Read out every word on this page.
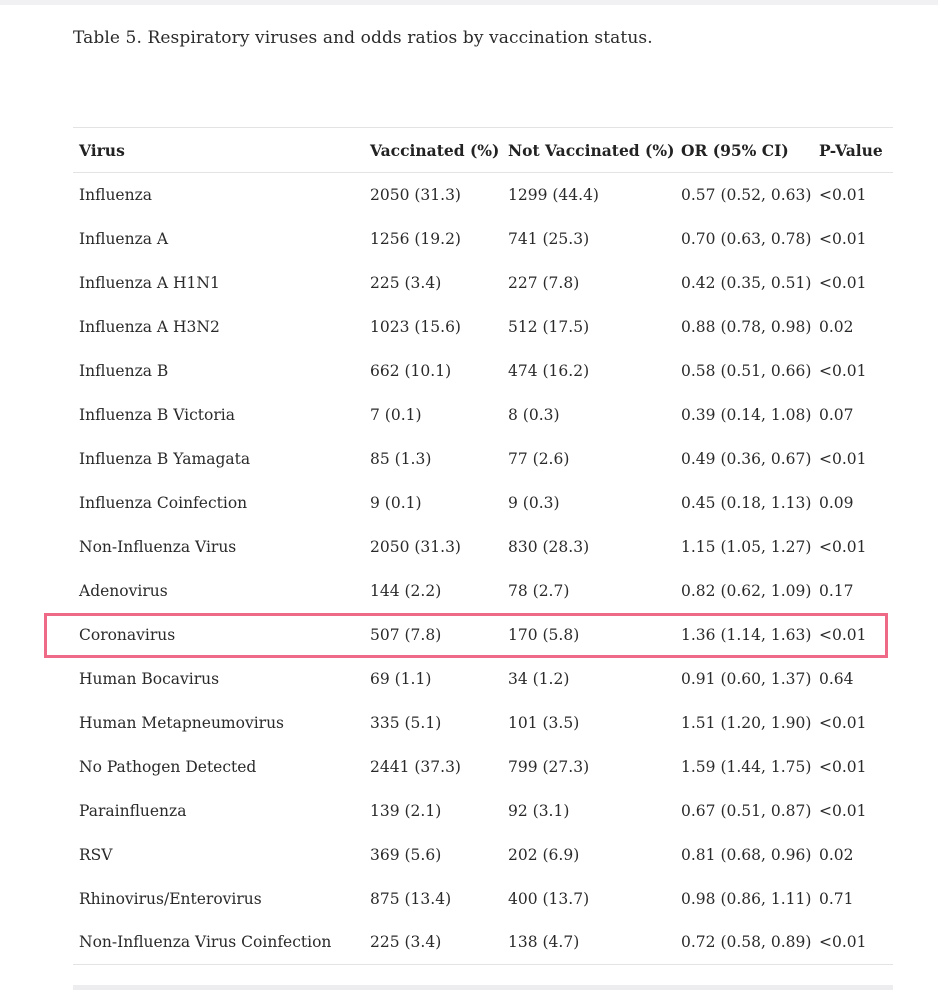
Table 5. Respiratory viruses and odds ratios by vaccination status.
Virus	Vaccinated (%)	Not Vaccinated (%)	OR (95% CI)	P-Value
Influenza	2050 (31.3)	1299 (44.4)	0.57 (0.52, 0.63)	<0.01
Influenza A	1256 (19.2)	741 (25.3)	0.70 (0.63, 0.78)	<0.01
Influenza A H1N1	225 (3.4)	227 (7.8)	0.42 (0.35, 0.51)	<0.01
Influenza A H3N2	1023 (15.6)	512 (17.5)	0.88 (0.78, 0.98)	0.02
Influenza B	662 (10.1)	474 (16.2)	0.58 (0.51, 0.66)	<0.01
Influenza B Victoria	7 (0.1)	8 (0.3)	0.39 (0.14, 1.08)	0.07
Influenza B Yamagata	85 (1.3)	77 (2.6)	0.49 (0.36, 0.67)	<0.01
Influenza Coinfection	9 (0.1)	9 (0.3)	0.45 (0.18, 1.13)	0.09
Non-Influenza Virus	2050 (31.3)	830 (28.3)	1.15 (1.05, 1.27)	<0.01
Adenovirus	144 (2.2)	78 (2.7)	0.82 (0.62, 1.09)	0.17
Coronavirus	507 (7.8)	170 (5.8)	1.36 (1.14, 1.63)	<0.01
Human Bocavirus	69 (1.1)	34 (1.2)	0.91 (0.60, 1.37)	0.64
Human Metapneumovirus	335 (5.1)	101 (3.5)	1.51 (1.20, 1.90)	<0.01
No Pathogen Detected	2441 (37.3)	799 (27.3)	1.59 (1.44, 1.75)	<0.01
Parainfluenza	139 (2.1)	92 (3.1)	0.67 (0.51, 0.87)	<0.01
RSV	369 (5.6)	202 (6.9)	0.81 (0.68, 0.96)	0.02
Rhinovirus/Enterovirus	875 (13.4)	400 (13.7)	0.98 (0.86, 1.11)	0.71
Non-Influenza Virus Coinfection	225 (3.4)	138 (4.7)	0.72 (0.58, 0.89)	<0.01
